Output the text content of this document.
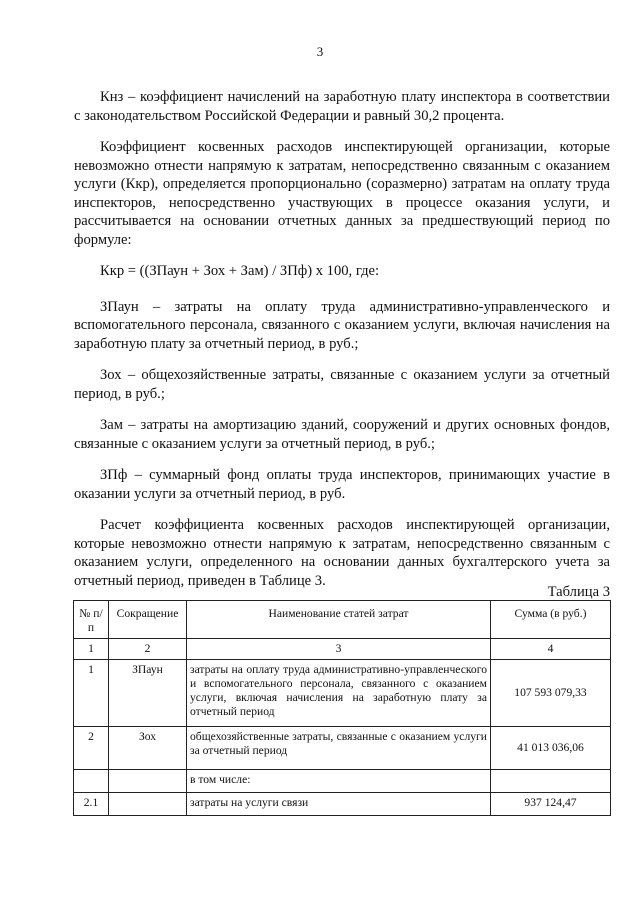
3

Кнз – коэффициент начислений на заработную плату инспектора в соответствии с законодательством Российской Федерации и равный 30,2 процента.

Коэффициент косвенных расходов инспектирующей организации, которые невозможно отнести напрямую к затратам, непосредственно связанным с оказанием услуги (Ккр), определяется пропорционально (соразмерно) затратам на оплату труда инспекторов, непосредственно участвующих в процессе оказания услуги, и рассчитывается на основании отчетных данных за предшествующий период по формуле:

Ккр = ((ЗПаун + Зох + Зам) / ЗПф) х 100, где:

ЗПаун – затраты на оплату труда административно-управленческого и вспомогательного персонала, связанного с оказанием услуги, включая начисления на заработную плату за отчетный период, в руб.;

Зох – общехозяйственные затраты, связанные с оказанием услуги за отчетный период, в руб.;

Зам – затраты на амортизацию зданий, сооружений и других основных фондов, связанные с оказанием услуги за отчетный период, в руб.;

ЗПф – суммарный фонд оплаты труда инспекторов, принимающих участие в оказании услуги за отчетный период, в руб.

Расчет коэффициента косвенных расходов инспектирующей организации, которые невозможно отнести напрямую к затратам, непосредственно связанным с оказанием услуги, определенного на основании данных бухгалтерского учета за отчетный период, приведен в Таблице 3.

Таблица 3
№ п/п	Сокращение	Наименование статей затрат	Сумма (в руб.)
1	2	3	4
1	ЗПаун	затраты на оплату труда административно-управленческого и вспомогательного персонала, связанного с оказанием услуги, включая начисления на заработную плату за отчетный период	107 593 079,33
2	Зох	общехозяйственные затраты, связанные с оказанием услуги за отчетный период	41 013 036,06
		в том числе:	
2.1		затраты на услуги связи	937 124,47
